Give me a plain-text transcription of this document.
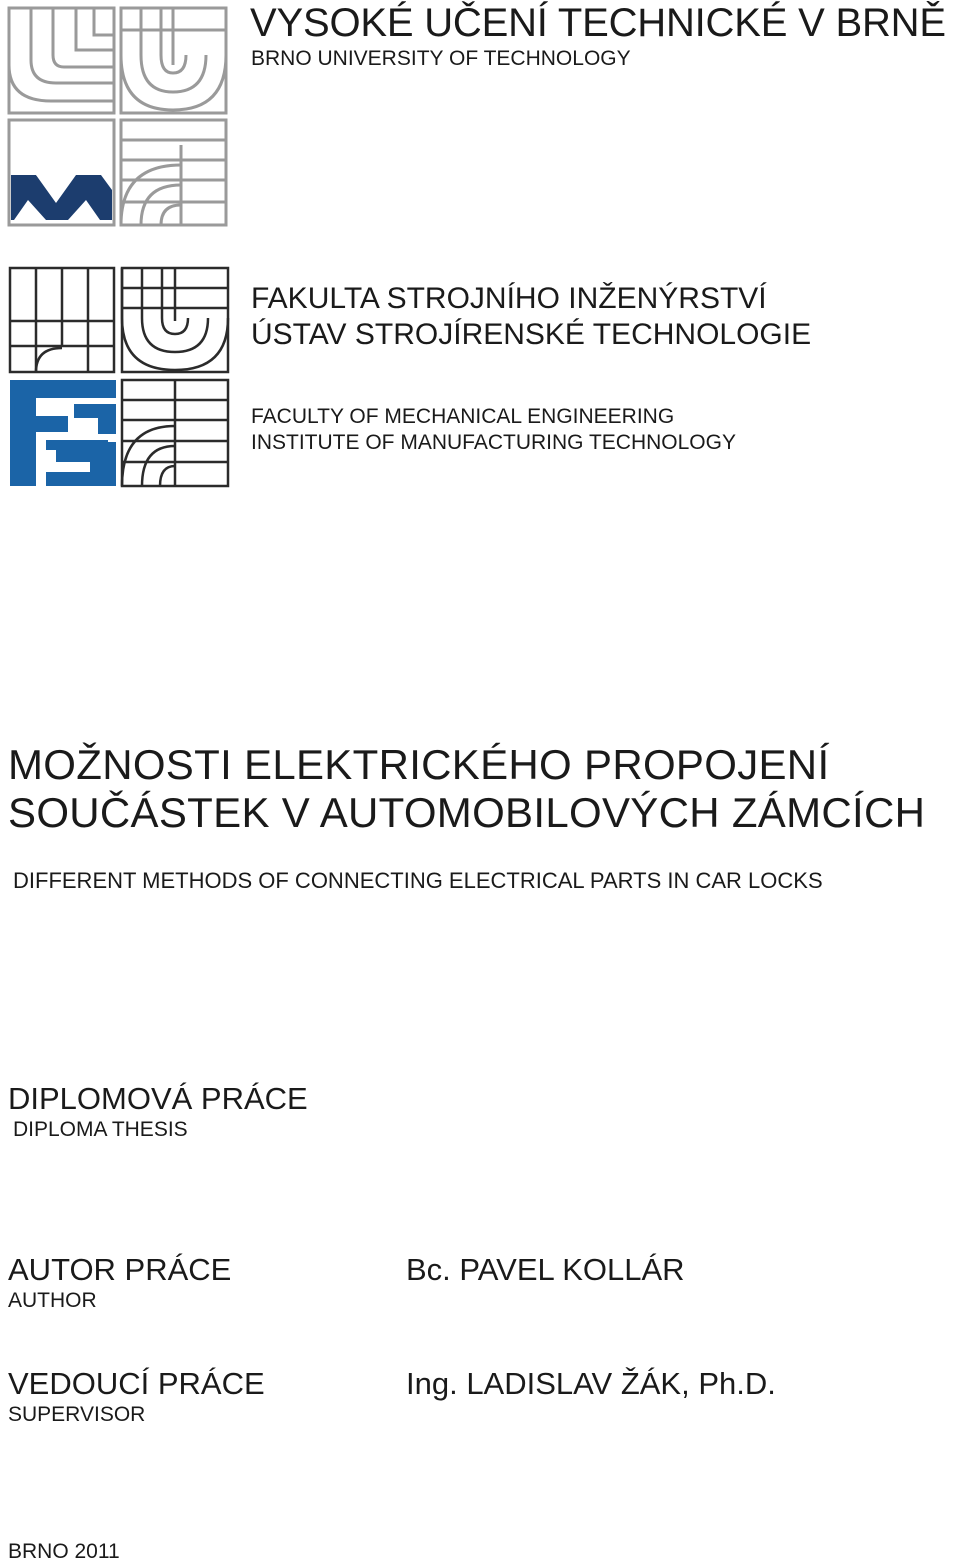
VYSOKÉ UČENÍ TECHNICKÉ V BRNĚ
BRNO UNIVERSITY OF TECHNOLOGY
FAKULTA STROJNÍHO INŽENÝRSTVÍ
ÚSTAV STROJÍRENSKÉ TECHNOLOGIE
FACULTY OF MECHANICAL ENGINEERING
INSTITUTE OF MANUFACTURING TECHNOLOGY
MOŽNOSTI ELEKTRICKÉHO PROPOJENÍ
SOUČÁSTEK V AUTOMOBILOVÝCH ZÁMCÍCH
DIFFERENT METHODS OF CONNECTING ELECTRICAL PARTS IN CAR LOCKS
DIPLOMOVÁ PRÁCE
DIPLOMA THESIS
AUTOR PRÁCE
AUTHOR
Bc. PAVEL KOLLÁR
VEDOUCÍ PRÁCE
SUPERVISOR
Ing. LADISLAV ŽÁK, Ph.D.
BRNO 2011
